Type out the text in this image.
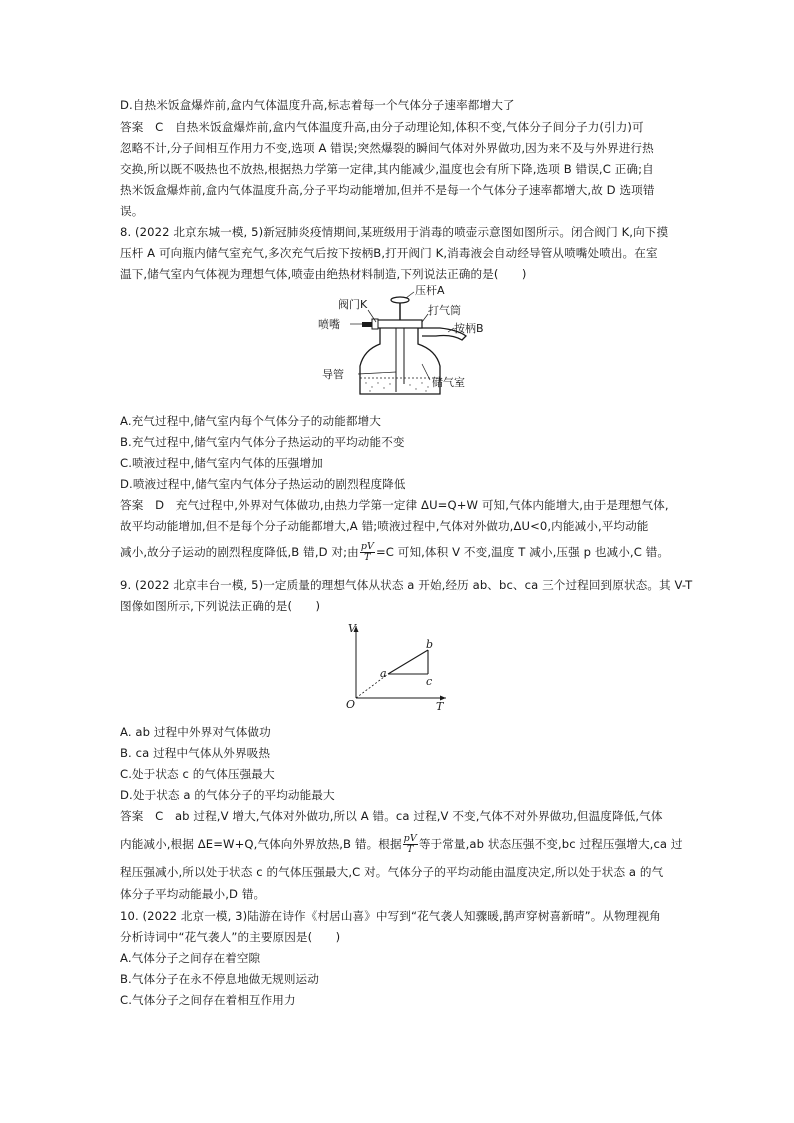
D.自热米饭盒爆炸前,盒内气体温度升高,标志着每一个气体分子速率都增大了
答案　C　自热米饭盒爆炸前,盒内气体温度升高,由分子动理论知,体积不变,气体分子间分子力(引力)可
忽略不计,分子间相互作用力不变,选项 A 错误;突然爆裂的瞬间气体对外界做功,因为来不及与外界进行热
交换,所以既不吸热也不放热,根据热力学第一定律,其内能减少,温度也会有所下降,选项 B 错误,C 正确;自
热米饭盒爆炸前,盒内气体温度升高,分子平均动能增加,但并不是每一个气体分子速率都增大,故 D 选项错
误。
8. (2022 北京东城一模, 5)新冠肺炎疫情期间,某班级用于消毒的喷壶示意图如图所示。闭合阀门 K,向下摸
压杆 A 可向瓶内储气室充气,多次充气后按下按柄B,打开阀门 K,消毒液会自动经导管从喷嘴处喷出。在室
温下,储气室内气体视为理想气体,喷壶由绝热材料制造,下列说法正确的是(　　)
压杆A
阀门K	打气筒
喷嘴	按柄B
导管
储气室
A.充气过程中,储气室内每个气体分子的动能都增大
B.充气过程中,储气室内气体分子热运动的平均动能不变
C.喷液过程中,储气室内气体的压强增加
D.喷液过程中,储气室内气体分子热运动的剧烈程度降低
答案　D　充气过程中,外界对气体做功,由热力学第一定律 ΔU=Q+W 可知,气体内能增大,由于是理想气体,
故平均动能增加,但不是每个分子动能都增大,A 错;喷液过程中,气体对外做功,ΔU<0,内能减小,平均动能
减小,故分子运动的剧烈程度降低,B 错,D 对;由 $\frac{pV}{T} =C$ 可知,体积 V 不变,温度 T 减小,压强 p 也减小,C 错。
9. (2022 北京丰台一模, 5)一定质量的理想气体从状态 a 开始,经历 ab、bc、ca 三个过程回到原状态。其 V-T
图像如图所示,下列说法正确的是(　　)
V
T
O
a
b
c
A. ab 过程中外界对气体做功
B. ca 过程中气体从外界吸热
C.处于状态 c 的气体压强最大
D.处于状态 a 的气体分子的平均动能最大
答案　C　ab 过程,V 增大,气体对外做功,所以 A 错。ca 过程,V 不变,气体不对外界做功,但温度降低,气体
内能减小,根据 ΔE=W+Q,气体向外界放热,B 错。根据 $\frac{pV}{T}$ 等于常量,ab 状态压强不变,bc 过程压强增大,ca 过
程压强减小,所以处于状态 c 的气体压强最大,C 对。气体分子的平均动能由温度决定,所以处于状态 a 的气
体分子平均动能最小,D 错。
10. (2022 北京一模, 3)陆游在诗作《村居山喜》中写到“花气袭人知骤暖,鹊声穿树喜新晴”。从物理视角
分析诗词中“花气袭人”的主要原因是(　　)
A.气体分子之间存在着空隙
B.气体分子在永不停息地做无规则运动
C.气体分子之间存在着相互作用力
